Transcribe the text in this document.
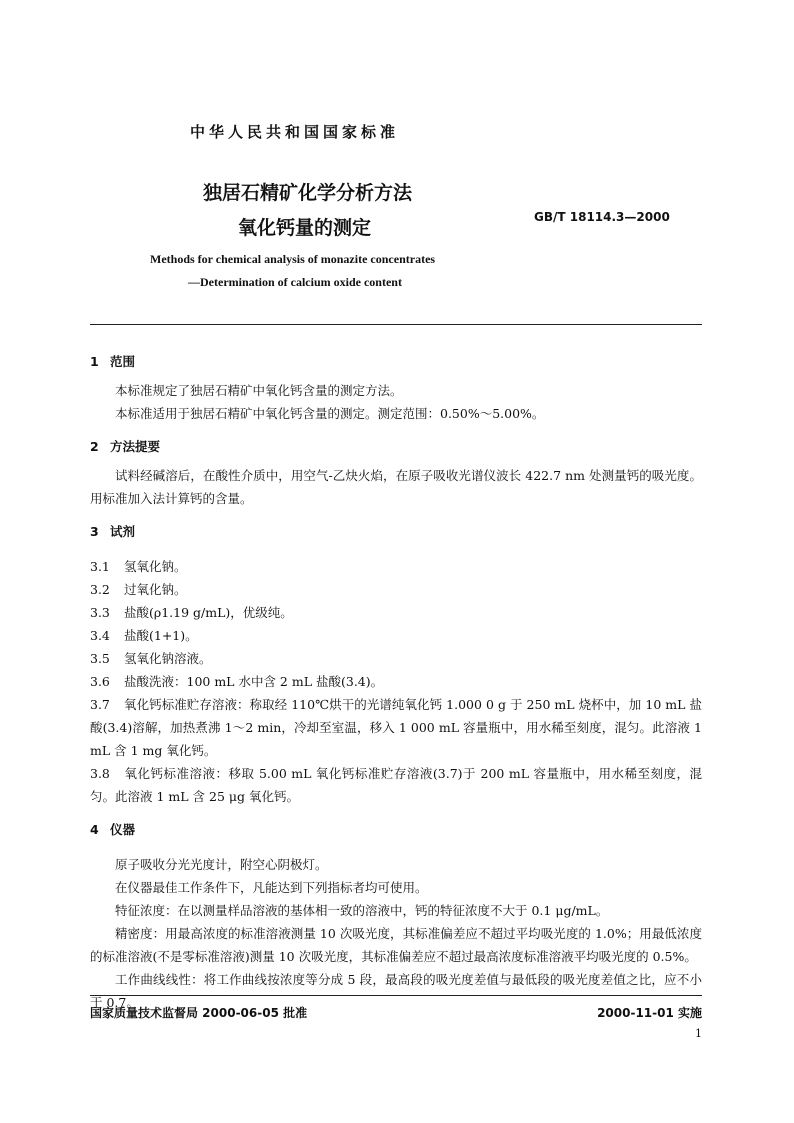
中华人民共和国国家标准
独居石精矿化学分析方法
氧化钙量的测定	GB/T 18114.3—2000
Methods for chemical analysis of monazite concentrates
—Determination of calcium oxide content
1 范围

本标准规定了独居石精矿中氧化钙含量的测定方法。

本标准适用于独居石精矿中氧化钙含量的测定。测定范围：0.50%～5.00%。

2 方法提要

试料经碱溶后，在酸性介质中，用空气-乙炔火焰，在原子吸收光谱仪波长 422.7 nm 处测量钙的吸光度。用标准加入法计算钙的含量。

3 试剂

3.1 氢氧化钠。

3.2 过氧化钠。

3.3 盐酸(ρ1.19 g/mL)，优级纯。

3.4 盐酸(1+1)。

3.5 氢氧化钠溶液。

3.6 盐酸洗液：100 mL 水中含 2 mL 盐酸(3.4)。

3.7 氧化钙标准贮存溶液：称取经 110℃烘干的光谱纯氧化钙 1.000 0 g 于 250 mL 烧杯中，加 10 mL 盐酸(3.4)溶解，加热煮沸 1～2 min，冷却至室温，移入 1 000 mL 容量瓶中，用水稀至刻度，混匀。此溶液 1 mL 含 1 mg 氧化钙。

3.8 氧化钙标准溶液：移取 5.00 mL 氧化钙标准贮存溶液(3.7)于 200 mL 容量瓶中，用水稀至刻度，混匀。此溶液 1 mL 含 25 μg 氧化钙。

4 仪器

原子吸收分光光度计，附空心阴极灯。

在仪器最佳工作条件下，凡能达到下列指标者均可使用。

特征浓度：在以测量样品溶液的基体相一致的溶液中，钙的特征浓度不大于 0.1 μg/mL。

精密度：用最高浓度的标准溶液测量 10 次吸光度，其标准偏差应不超过平均吸光度的 1.0%；用最低浓度的标准溶液(不是零标准溶液)测量 10 次吸光度，其标准偏差应不超过最高浓度标准溶液平均吸光度的 0.5%。

工作曲线线性：将工作曲线按浓度等分成 5 段，最高段的吸光度差值与最低段的吸光度差值之比，应不小于 0.7。

国家质量技术监督局 2000-06-05 批准	2000-11-01 实施
1
